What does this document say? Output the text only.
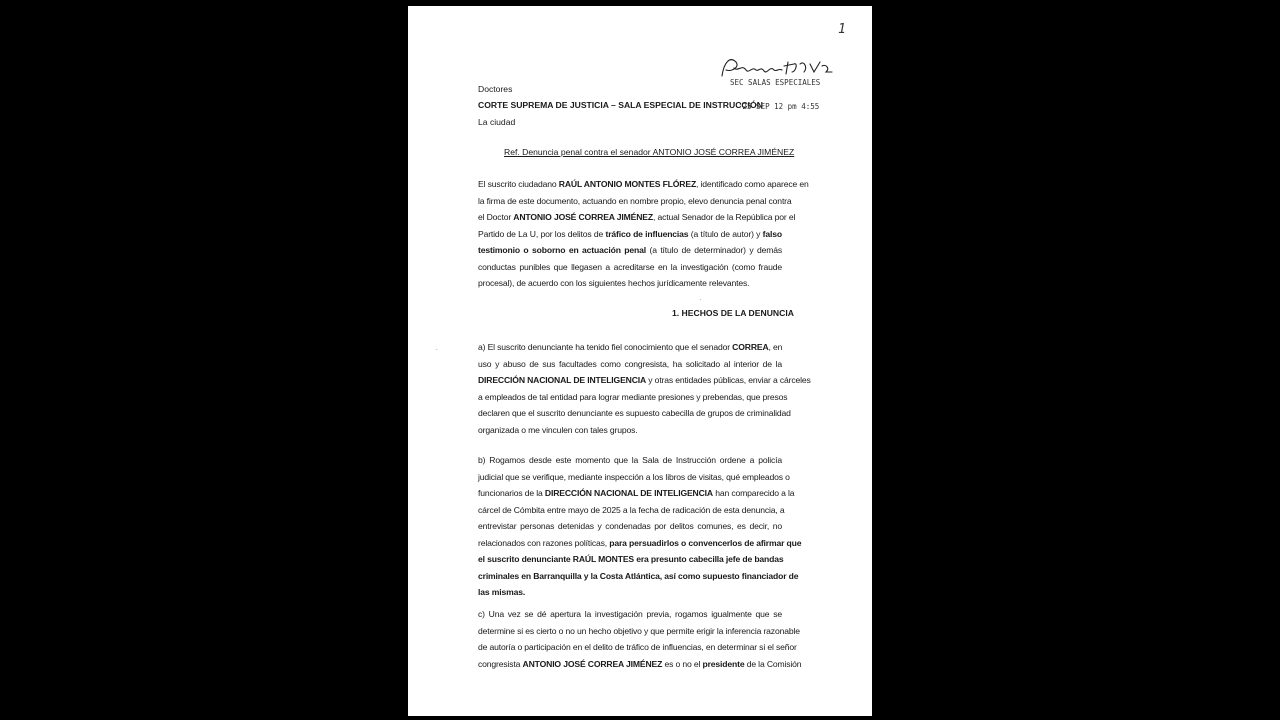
1
SEC SALAS ESPECIALES
’25 SEP 12 pm 4:55
Doctores
CORTE SUPREMA DE JUSTICIA – SALA ESPECIAL DE INSTRUCCIÓN
La ciudad
Ref. Denuncia penal contra el senador ANTONIO JOSÉ CORREA JIMÉNEZ
El suscrito ciudadano RAÚL ANTONIO MONTES FLÓREZ, identificado como aparece en
la firma de este documento, actuando en nombre propio, elevo denuncia penal contra
el Doctor ANTONIO JOSÉ CORREA JIMÉNEZ, actual Senador de la República por el
Partido de La U, por los delitos de tráfico de influencias (a título de autor) y falso
testimonio o soborno en actuación penal (a título de determinador) y demás
conductas punibles que llegasen a acreditarse en la investigación (como fraude
procesal), de acuerdo con los siguientes hechos jurídicamente relevantes.
1. HECHOS DE LA DENUNCIA
a) El suscrito denunciante ha tenido fiel conocimiento que el senador CORREA, en
uso y abuso de sus facultades como congresista, ha solicitado al interior de la
DIRECCIÓN NACIONAL DE INTELIGENCIA y otras entidades públicas, enviar a cárceles
a empleados de tal entidad para lograr mediante presiones y prebendas, que presos
declaren que el suscrito denunciante es supuesto cabecilla de grupos de criminalidad
organizada o me vinculen con tales grupos.
b) Rogamos desde este momento que la Sala de Instrucción ordene a policía
judicial que se verifique, mediante inspección a los libros de visitas, qué empleados o
funcionarios de la DIRECCIÓN NACIONAL DE INTELIGENCIA han comparecido a la
cárcel de Cómbita entre mayo de 2025 a la fecha de radicación de esta denuncia, a
entrevistar personas detenidas y condenadas por delitos comunes, es decir, no
relacionados con razones políticas, para persuadirlos o convencerlos de afirmar que
el suscrito denunciante RAÚL MONTES era presunto cabecilla jefe de bandas
criminales en Barranquilla y la Costa Atlántica, así como supuesto financiador de
las mismas.
c) Una vez se dé apertura la investigación previa, rogamos igualmente que se
determine si es cierto o no un hecho objetivo y que permite erigir la inferencia razonable
de autoría o participación en el delito de tráfico de influencias, en determinar si el señor
congresista ANTONIO JOSÉ CORREA JIMÉNEZ es o no el presidente de la Comisión
.
.
